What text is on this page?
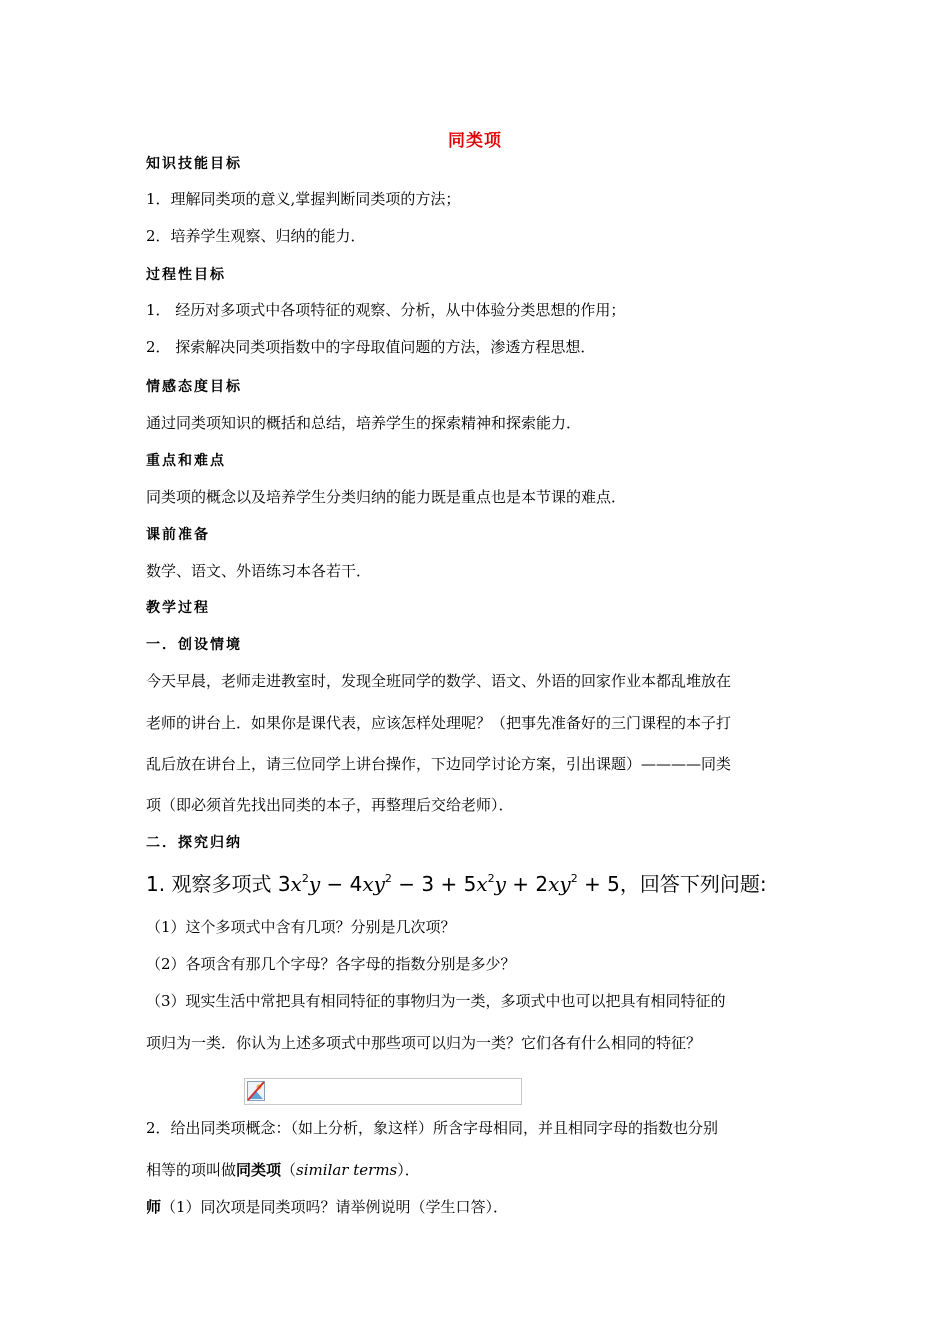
同类项
知识技能目标
1．理解同类项的意义,掌握判断同类项的方法；
2．培养学生观察、归纳的能力．
过程性目标
1． 经历对多项式中各项特征的观察、分析，从中体验分类思想的作用；
2． 探索解决同类项指数中的字母取值问题的方法，渗透方程思想．
情感态度目标
通过同类项知识的概括和总结，培养学生的探索精神和探索能力．
重点和难点
同类项的概念以及培养学生分类归纳的能力既是重点也是本节课的难点．
课前准备
数学、语文、外语练习本各若干．
教学过程
一．创设情境
今天早晨，老师走进教室时，发现全班同学的数学、语文、外语的回家作业本都乱堆放在
老师的讲台上．如果你是课代表，应该怎样处理呢？（把事先准备好的三门课程的本子打
乱后放在讲台上，请三位同学上讲台操作，下边同学讨论方案，引出课题）————同类
项（即必须首先找出同类的本子，再整理后交给老师）．
二．探究归纳
1. 观察多项式 $3x^2y - 4xy^2 - 3 + 5x^2y + 2xy^2 + 5$，回答下列问题:
（1）这个多项式中含有几项？分别是几次项？
（2）各项含有那几个字母？各字母的指数分别是多少？
（3）现实生活中常把具有相同特征的事物归为一类，多项式中也可以把具有相同特征的
项归为一类．你认为上述多项式中那些项可以归为一类？它们各有什么相同的特征？
2．给出同类项概念：（如上分析，象这样）所含字母相同，并且相同字母的指数也分别
相等的项叫做同类项（similar terms）．
师（1）同次项是同类项吗？请举例说明（学生口答）．
